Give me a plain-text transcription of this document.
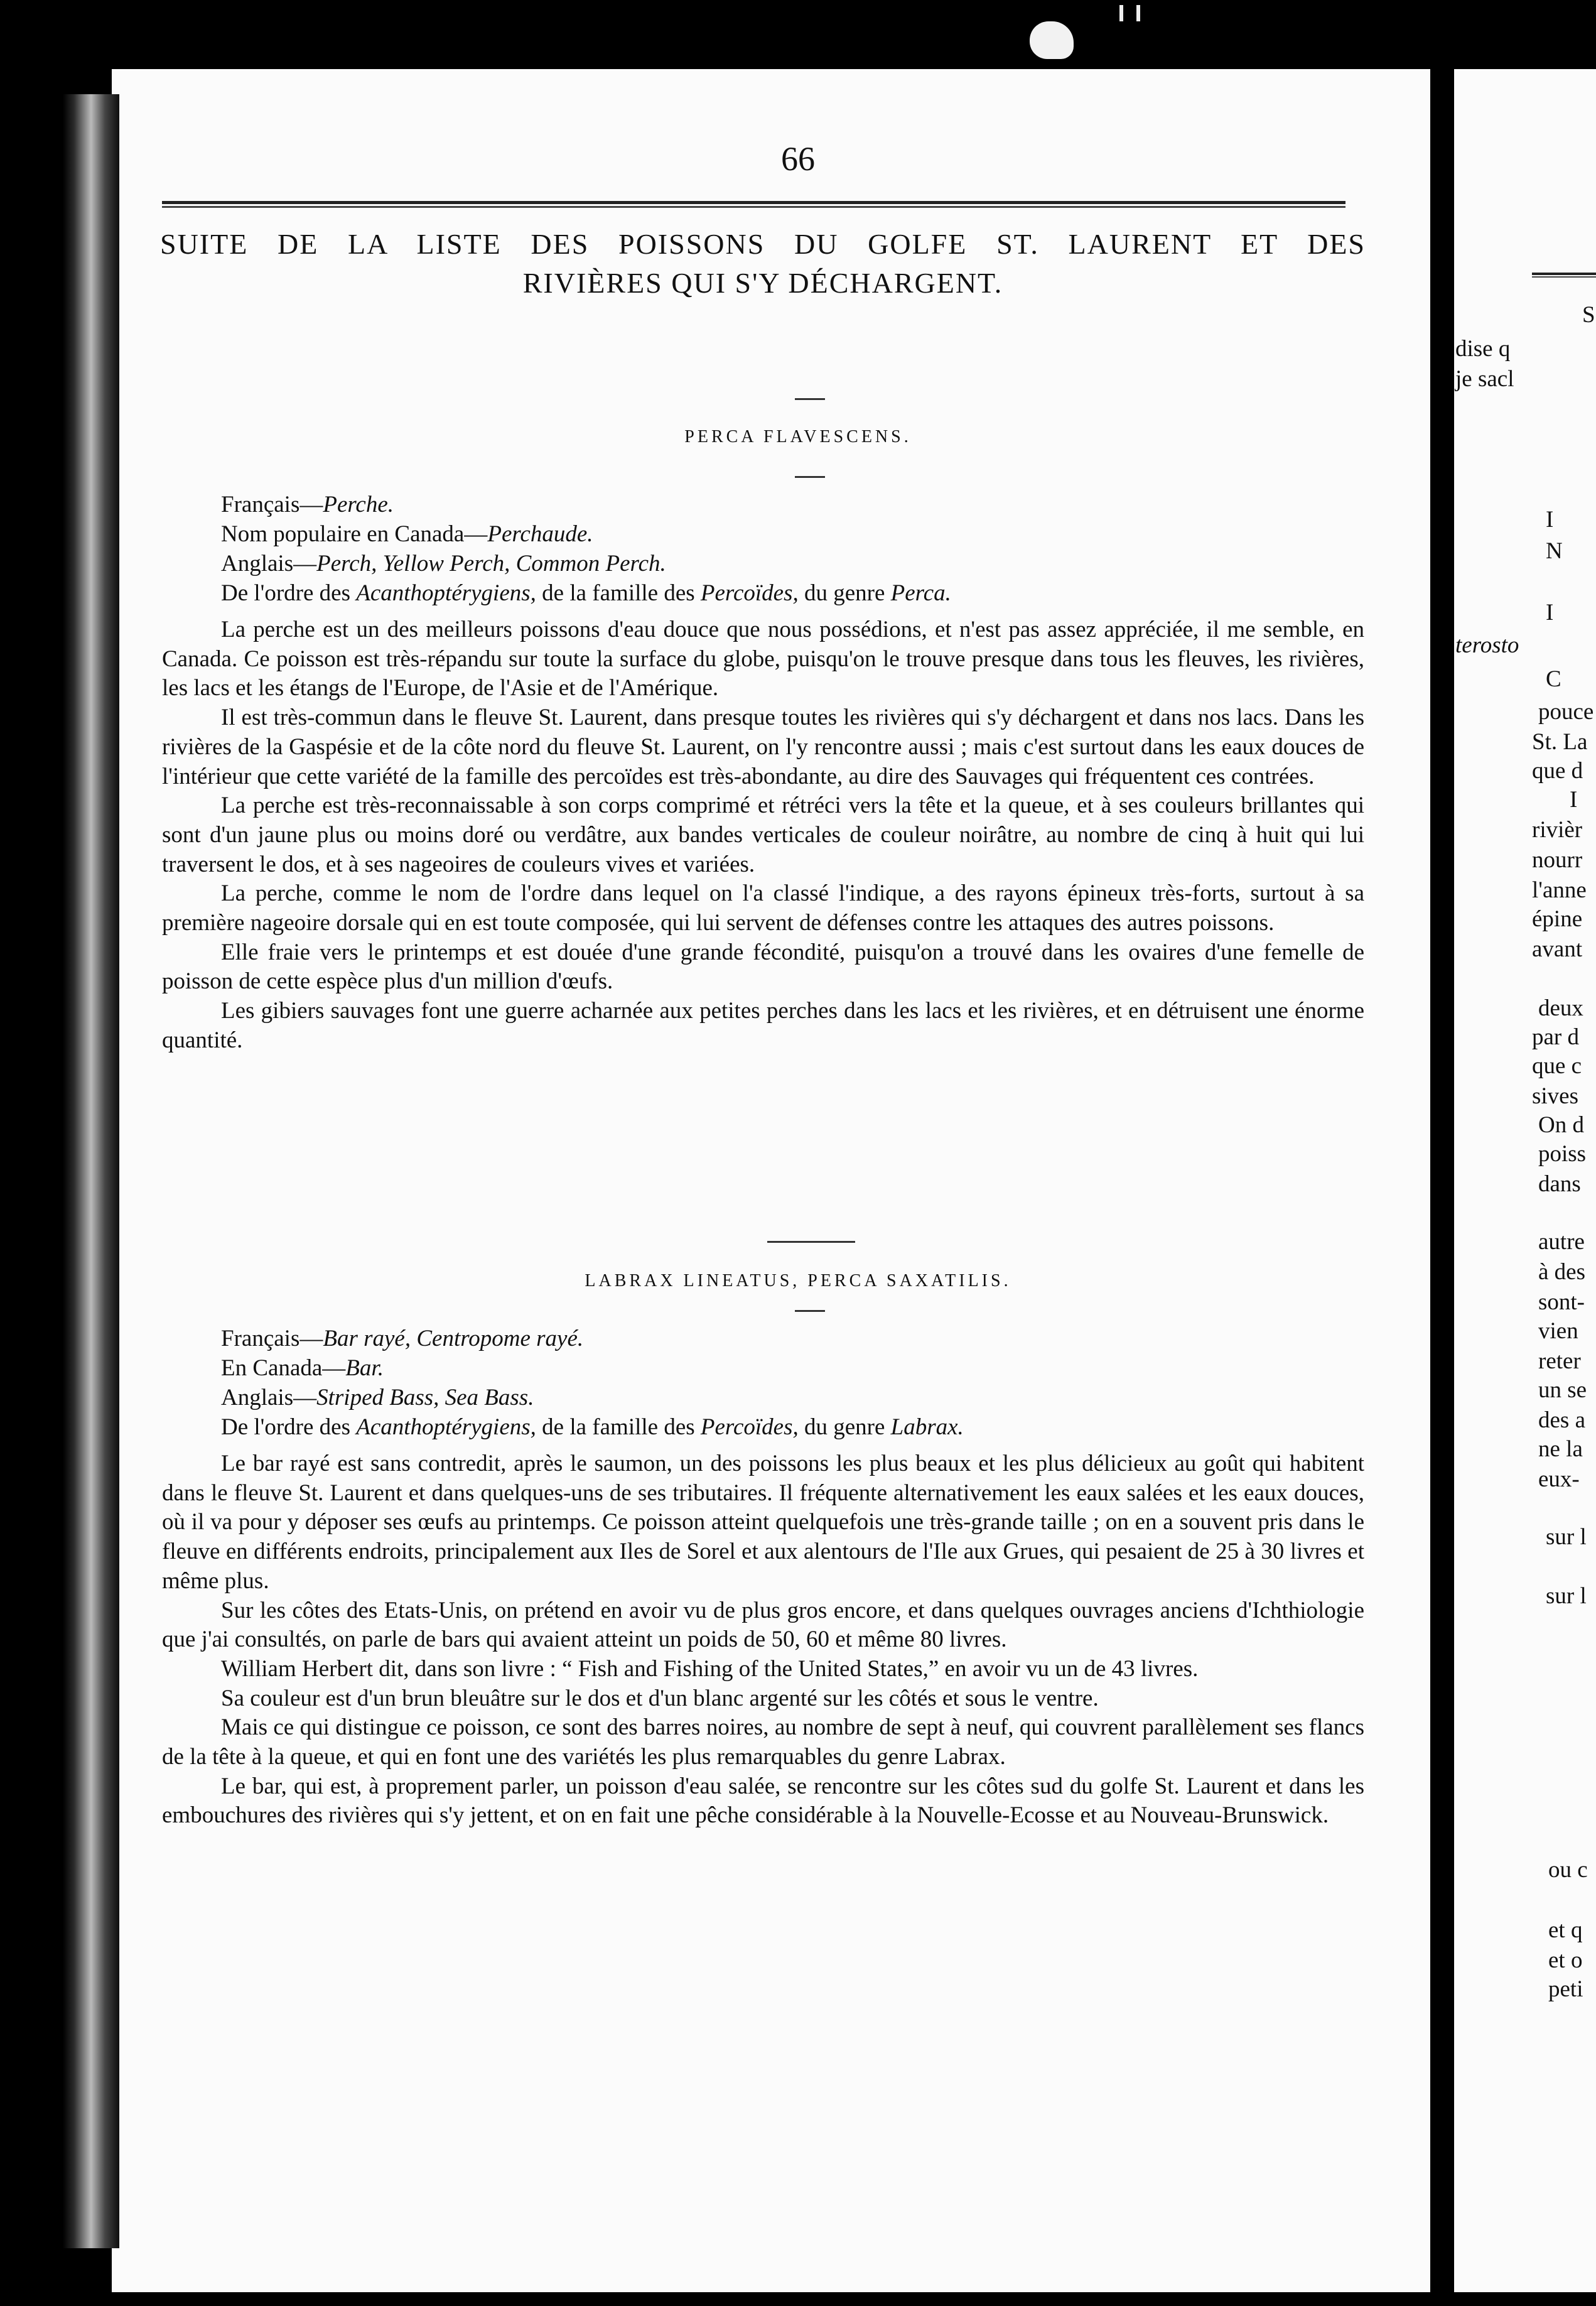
66
SUITE DE LA LISTE DES POISSONS DU GOLFE ST. LAURENT ET DES
RIVIÈRES QUI S'Y DÉCHARGENT.
PERCA FLAVESCENS.
Français—Perche.
Nom populaire en Canada—Perchaude.
Anglais—Perch, Yellow Perch, Common Perch.
De l'ordre des Acanthoptérygiens, de la famille des Percoïdes, du genre Perca.

La perche est un des meilleurs poissons d'eau douce que nous possédions, et n'est pas assez appréciée, il me semble, en Canada. Ce poisson est très-répandu sur toute la surface du globe, puisqu'on le trouve presque dans tous les fleuves, les rivières, les lacs et les étangs de l'Europe, de l'Asie et de l'Amérique.

Il est très-commun dans le fleuve St. Laurent, dans presque toutes les rivières qui s'y déchargent et dans nos lacs. Dans les rivières de la Gaspésie et de la côte nord du fleuve St. Laurent, on l'y rencontre aussi ; mais c'est surtout dans les eaux douces de l'intérieur que cette variété de la famille des percoïdes est très-abondante, au dire des Sauvages qui fréquentent ces contrées.

La perche est très-reconnaissable à son corps comprimé et rétréci vers la tête et la queue, et à ses couleurs brillantes qui sont d'un jaune plus ou moins doré ou verdâtre, aux bandes verticales de couleur noirâtre, au nombre de cinq à huit qui lui traversent le dos, et à ses nageoires de couleurs vives et variées.

La perche, comme le nom de l'ordre dans lequel on l'a classé l'indique, a des rayons épineux très-forts, surtout à sa première nageoire dorsale qui en est toute composée, qui lui servent de défenses contre les attaques des autres poissons.

Elle fraie vers le printemps et est douée d'une grande fécondité, puisqu'on a trouvé dans les ovaires d'une femelle de poisson de cette espèce plus d'un million d'œufs.

Les gibiers sauvages font une guerre acharnée aux petites perches dans les lacs et les rivières, et en détruisent une énorme quantité.

LABRAX LINEATUS, PERCA SAXATILIS.
Français—Bar rayé, Centropome rayé.
En Canada—Bar.
Anglais—Striped Bass, Sea Bass.
De l'ordre des Acanthoptérygiens, de la famille des Percoïdes, du genre Labrax.

Le bar rayé est sans contredit, après le saumon, un des poissons les plus beaux et les plus délicieux au goût qui habitent dans le fleuve St. Laurent et dans quelques-uns de ses tributaires. Il fréquente alternativement les eaux salées et les eaux douces, où il va pour y déposer ses œufs au printemps. Ce poisson atteint quelquefois une très-grande taille ; on en a souvent pris dans le fleuve en différents endroits, principalement aux Iles de Sorel et aux alentours de l'Ile aux Grues, qui pesaient de 25 à 30 livres et même plus.

Sur les côtes des Etats-Unis, on prétend en avoir vu de plus gros encore, et dans quelques ouvrages anciens d'Ichthiologie que j'ai consultés, on parle de bars qui avaient atteint un poids de 50, 60 et même 80 livres.

William Herbert dit, dans son livre : “ Fish and Fishing of the United States,” en avoir vu un de 43 livres.

Sa couleur est d'un brun bleuâtre sur le dos et d'un blanc argenté sur les côtés et sous le ventre.

Mais ce qui distingue ce poisson, ce sont des barres noires, au nombre de sept à neuf, qui couvrent parallèlement ses flancs de la tête à la queue, et qui en font une des variétés les plus remarquables du genre Labrax.

Le bar, qui est, à proprement parler, un poisson d'eau salée, se rencontre sur les côtes sud du golfe St. Laurent et dans les embouchures des rivières qui s'y jettent, et on en fait une pêche considérable à la Nouvelle-Ecosse et au Nouveau-Brunswick.

S
dise q
je sacl
I
N
I
terosto
C
pouce
St. La
que d
I
rivièr
nourr
l'anne
épine
avant
deux
par d
que c
sives
On d
poiss
dans
autre
à des
sont-
vien
reter
un se
des a
ne la
eux-
sur l
sur l
ou c
et q
et o
peti
